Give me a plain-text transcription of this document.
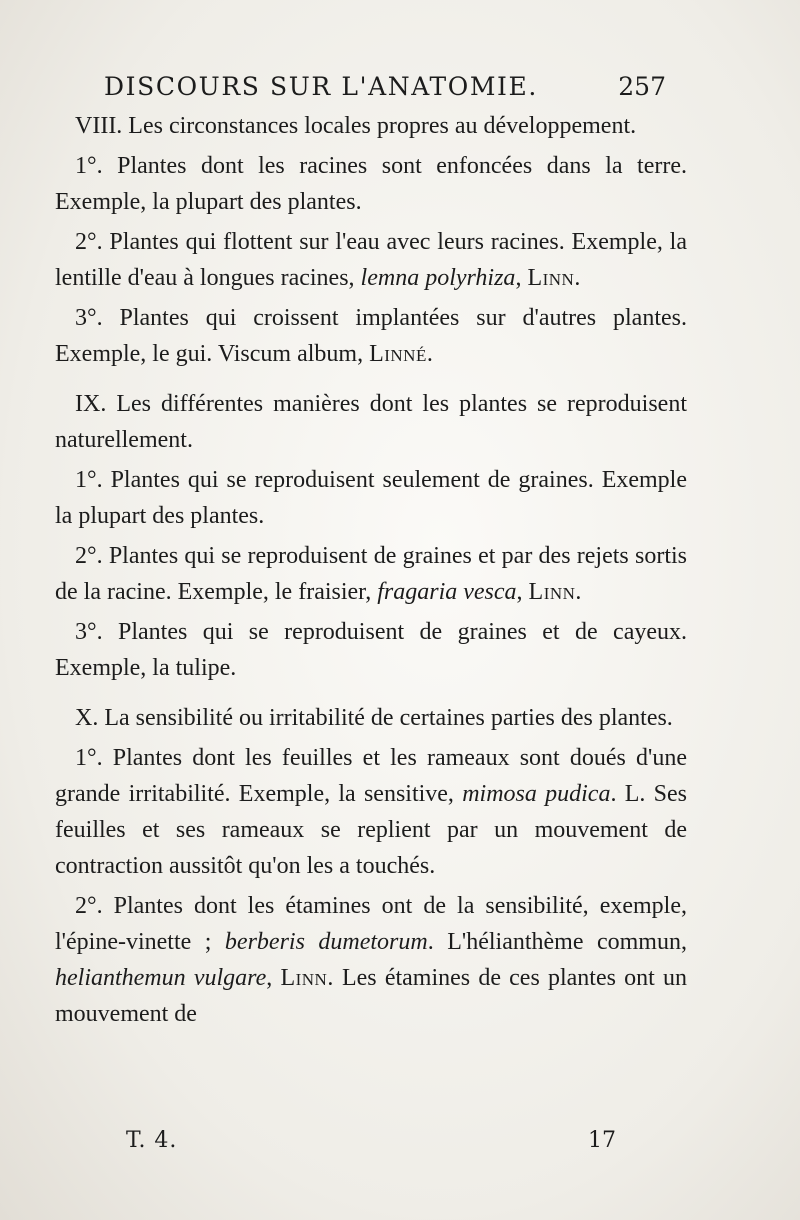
DISCOURS SUR L'ANATOMIE.	257

VIII. Les circonstances locales propres au développement.

1°. Plantes dont les racines sont enfoncées dans la terre. Exemple, la plupart des plantes.

2°. Plantes qui flottent sur l'eau avec leurs racines. Exemple, la lentille d'eau à longues racines, lemna polyrhiza, Linn.

3°. Plantes qui croissent implantées sur d'autres plantes. Exemple, le gui. Viscum album, Linné.

IX. Les différentes manières dont les plantes se reproduisent naturellement.

1°. Plantes qui se reproduisent seulement de graines. Exemple la plupart des plantes.

2°. Plantes qui se reproduisent de graines et par des rejets sortis de la racine. Exemple, le fraisier, fragaria vesca, Linn.

3°. Plantes qui se reproduisent de graines et de cayeux. Exemple, la tulipe.

X. La sensibilité ou irritabilité de certaines parties des plantes.

1°. Plantes dont les feuilles et les rameaux sont doués d'une grande irritabilité. Exemple, la sensitive, mimosa pudica. L. Ses feuilles et ses rameaux se replient par un mouvement de contraction aussitôt qu'on les a touchés.

2°. Plantes dont les étamines ont de la sensibilité, exemple, l'épine-vinette ; berberis dumetorum. L'hélianthème commun, helianthemun vulgare, Linn. Les étamines de ces plantes ont un mouvement de

T. 4.	17
